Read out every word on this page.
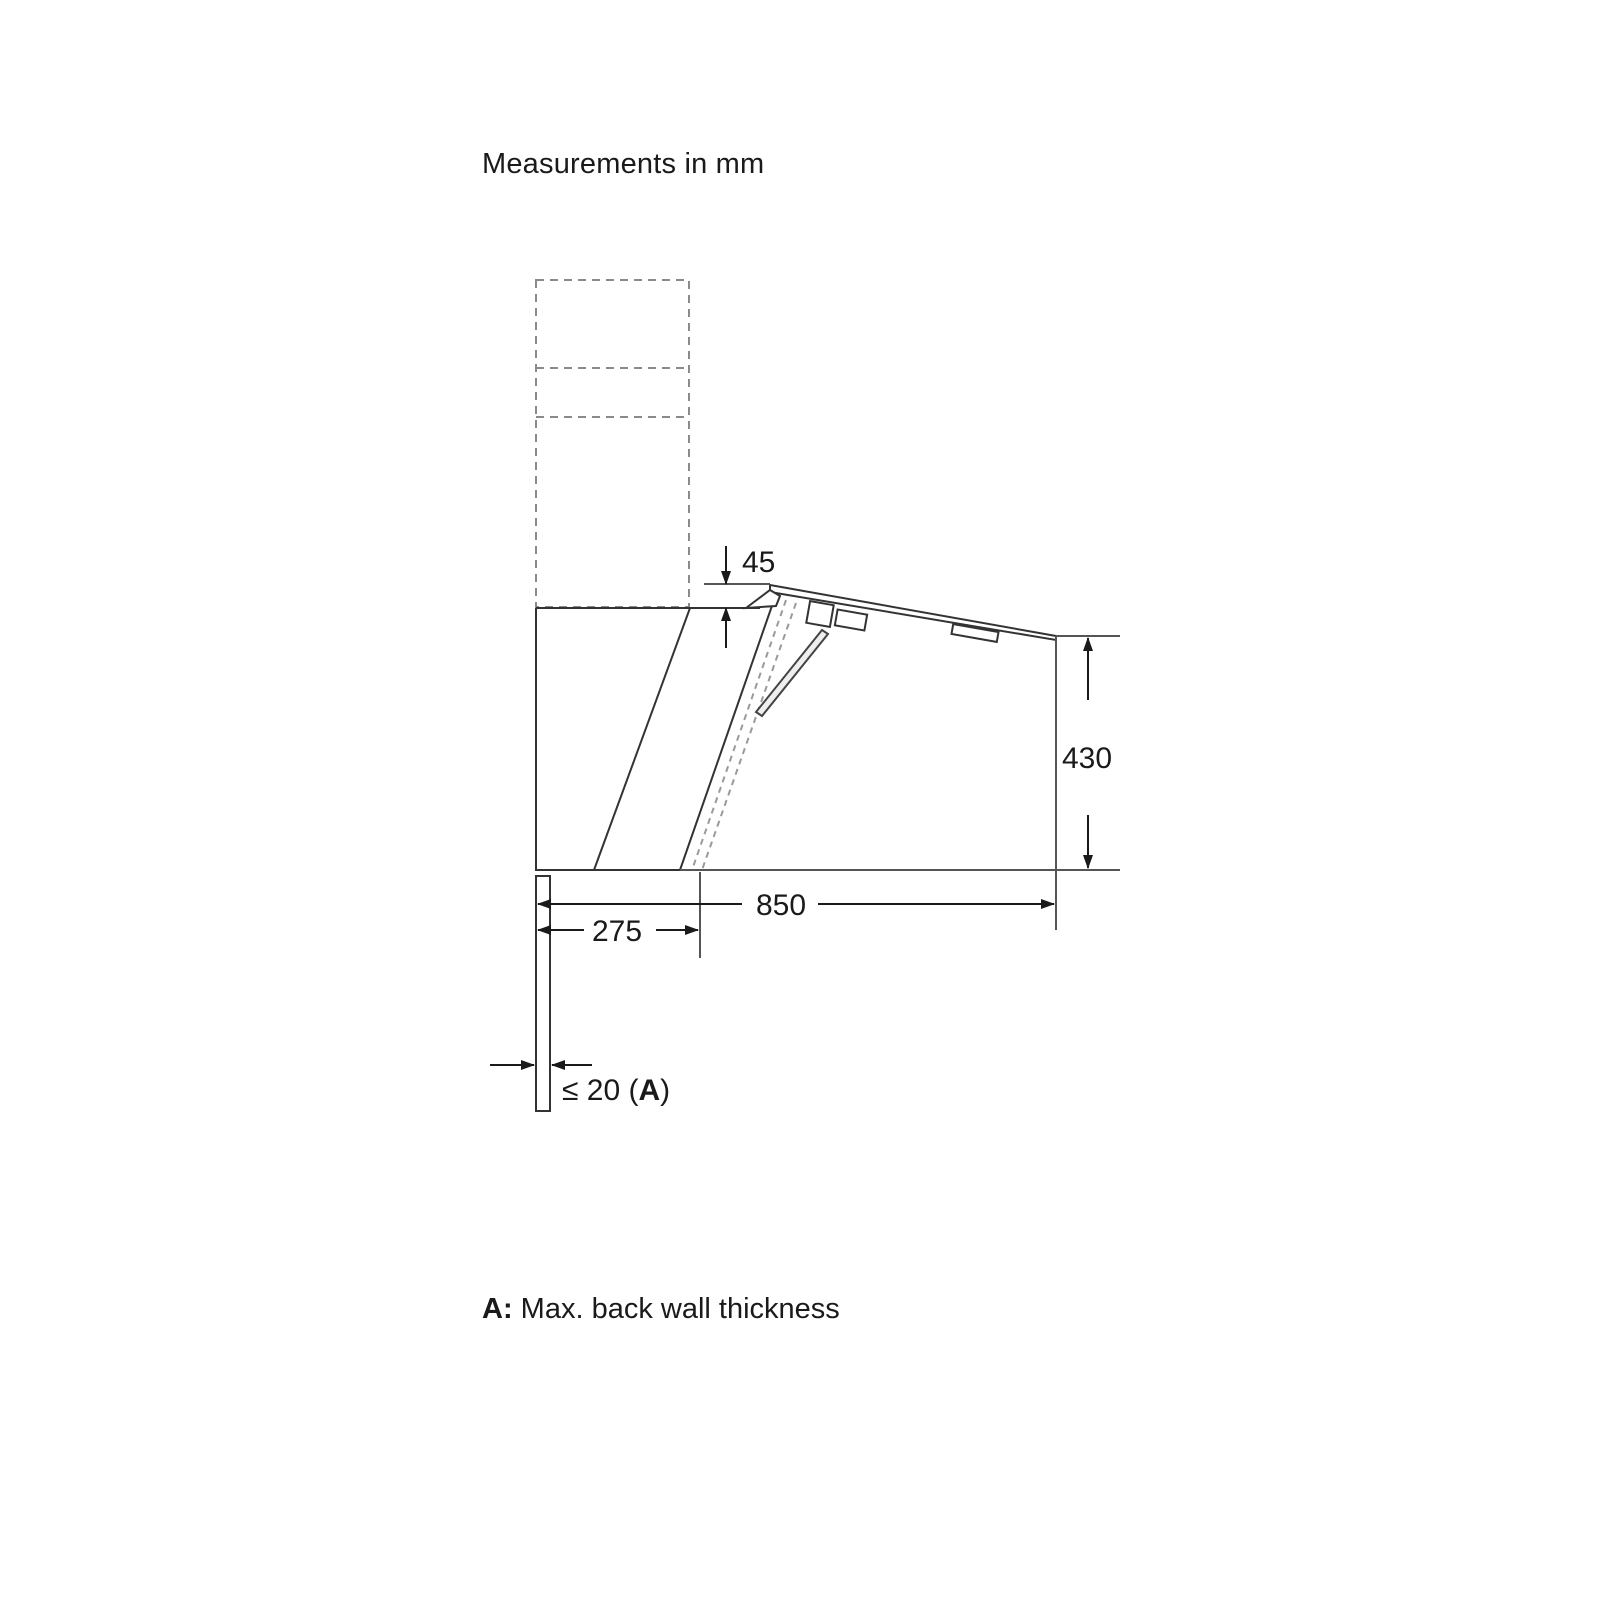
Measurements in mm
45
430
850
275
≤ 20 (A)

A: Max. back wall thickness
